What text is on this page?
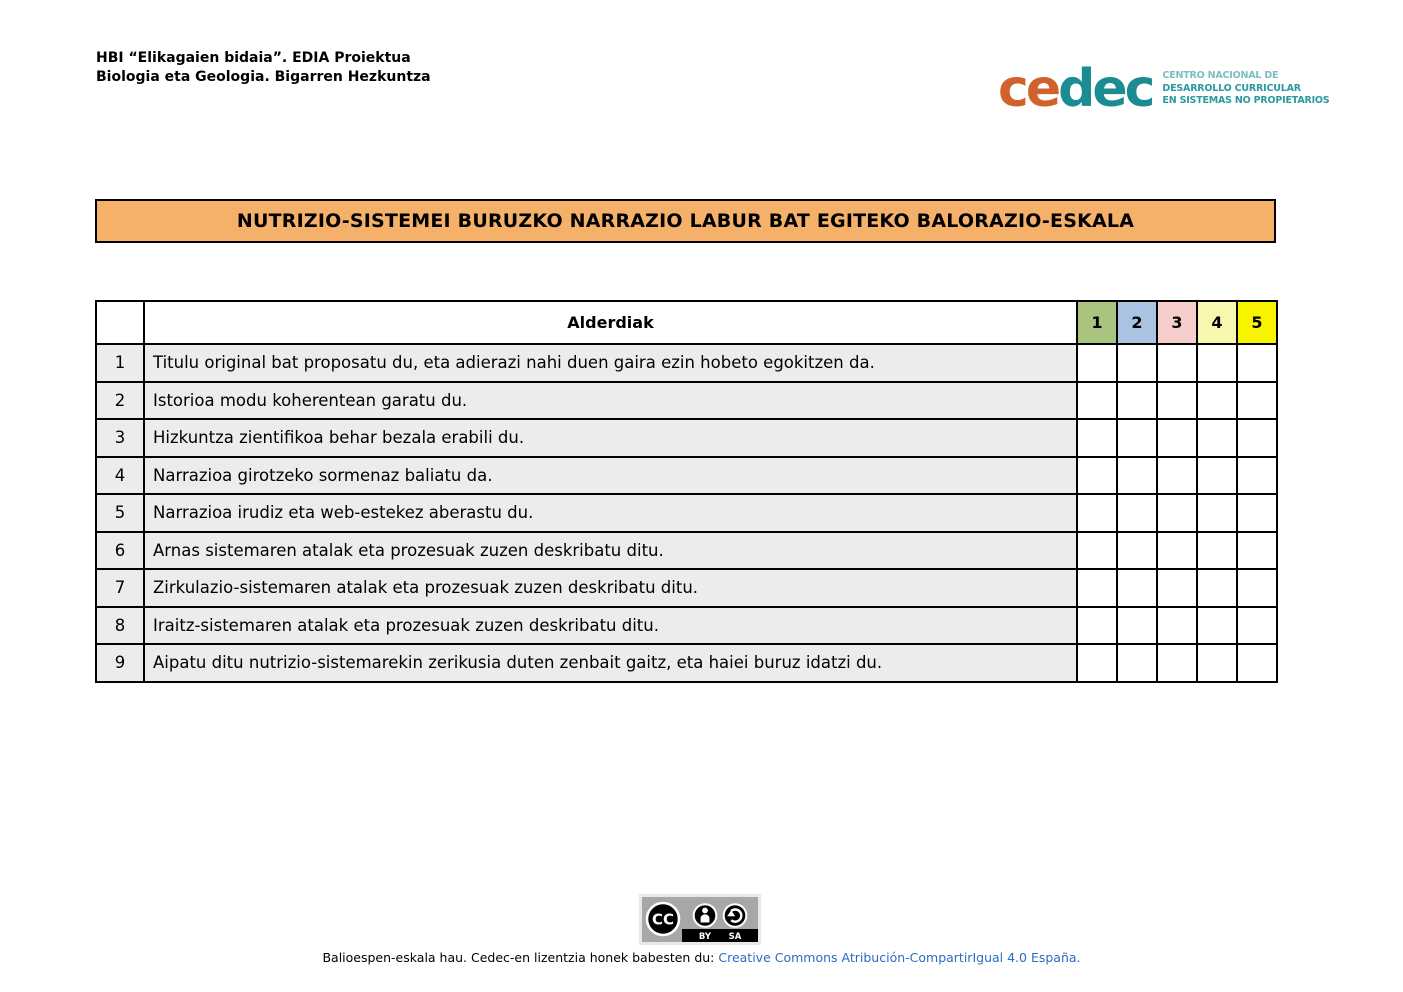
HBI “Elikagaien bidaia”. EDIA Proiektua
Biologia eta Geologia. Bigarren Hezkuntza	cedec CENTRO NACIONAL DE
DESARROLLO CURRICULAR
EN SISTEMAS NO PROPIETARIOS
NUTRIZIO-SISTEMEI BURUZKO NARRAZIO LABUR BAT EGITEKO BALORAZIO-ESKALA
	Alderdiak	1	2	3	4	5
1	Titulu original bat proposatu du, eta adierazi nahi duen gaira ezin hobeto egokitzen da.					
2	Istorioa modu koherentean garatu du.					
3	Hizkuntza zientifikoa behar bezala erabili du.					
4	Narrazioa girotzeko sormenaz baliatu da.					
5	Narrazioa irudiz eta web-estekez aberastu du.					
6	Arnas sistemaren atalak eta prozesuak zuzen deskribatu ditu.					
7	Zirkulazio-sistemaren atalak eta prozesuak zuzen deskribatu ditu.					
8	Iraitz-sistemaren atalak eta prozesuak zuzen deskribatu ditu.					
9	Aipatu ditu nutrizio-sistemarekin zerikusia duten zenbait gaitz, eta haiei buruz idatzi du.					
CC
BY SA
Balioespen-eskala hau. Cedec-en lizentzia honek babesten du: Creative Commons Atribución-CompartirIgual 4.0 España.
